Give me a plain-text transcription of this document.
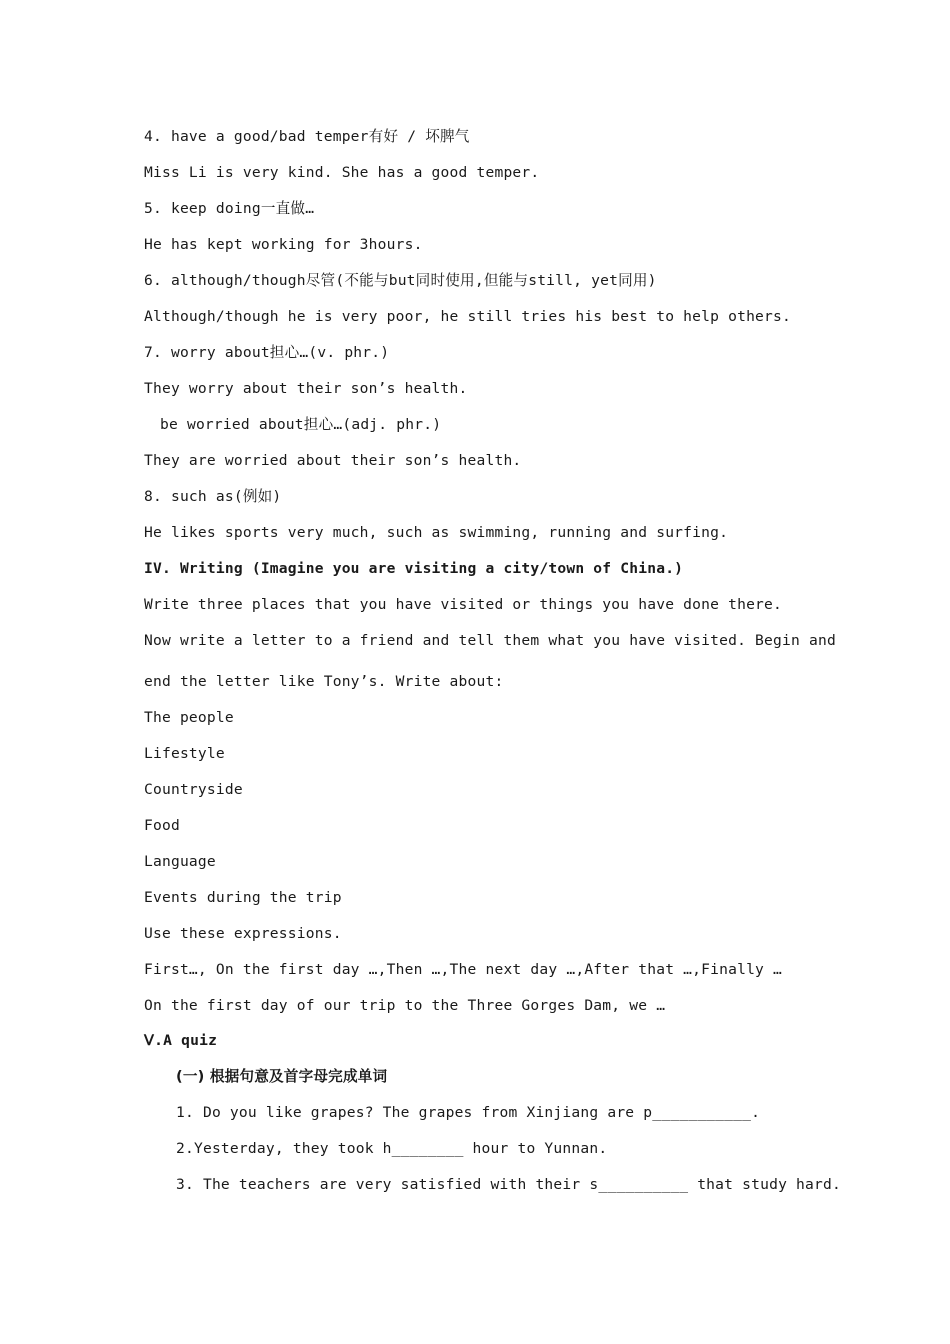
4. have a good/bad temper有好 / 坏脾气
Miss Li is very kind. She has a good temper.
5. keep doing一直做…
He has kept working for 3hours.
6. although/though尽管(不能与but同时使用,但能与still, yet同用)
Although/though he is very poor, he still tries his best to help others.
7. worry about担心…(v. phr.)
They worry about their son’s health.
be worried about担心…(adj. phr.)
They are worried about their son’s health.
8. such as(例如)
He likes sports very much, such as swimming, running and surfing.
IV. Writing (Imagine you are visiting a city/town of China.)
Write three places that you have visited or things you have done there.
Now write a letter to a friend and tell them what you have visited. Begin and
end the letter like Tony’s. Write about:
The people
Lifestyle
Countryside
Food
Language
Events during the trip
Use these expressions.
First…, On the first day …,Then …,The next day …,After that …,Finally …
On the first day of our trip to the Three Gorges Dam, we …
Ⅴ.A quiz
(一) 根据句意及首字母完成单词
1. Do you like grapes? The grapes from Xinjiang are p___________.
2.Yesterday, they took h________ hour to Yunnan.
3. The teachers are very satisfied with their s__________ that study hard.
